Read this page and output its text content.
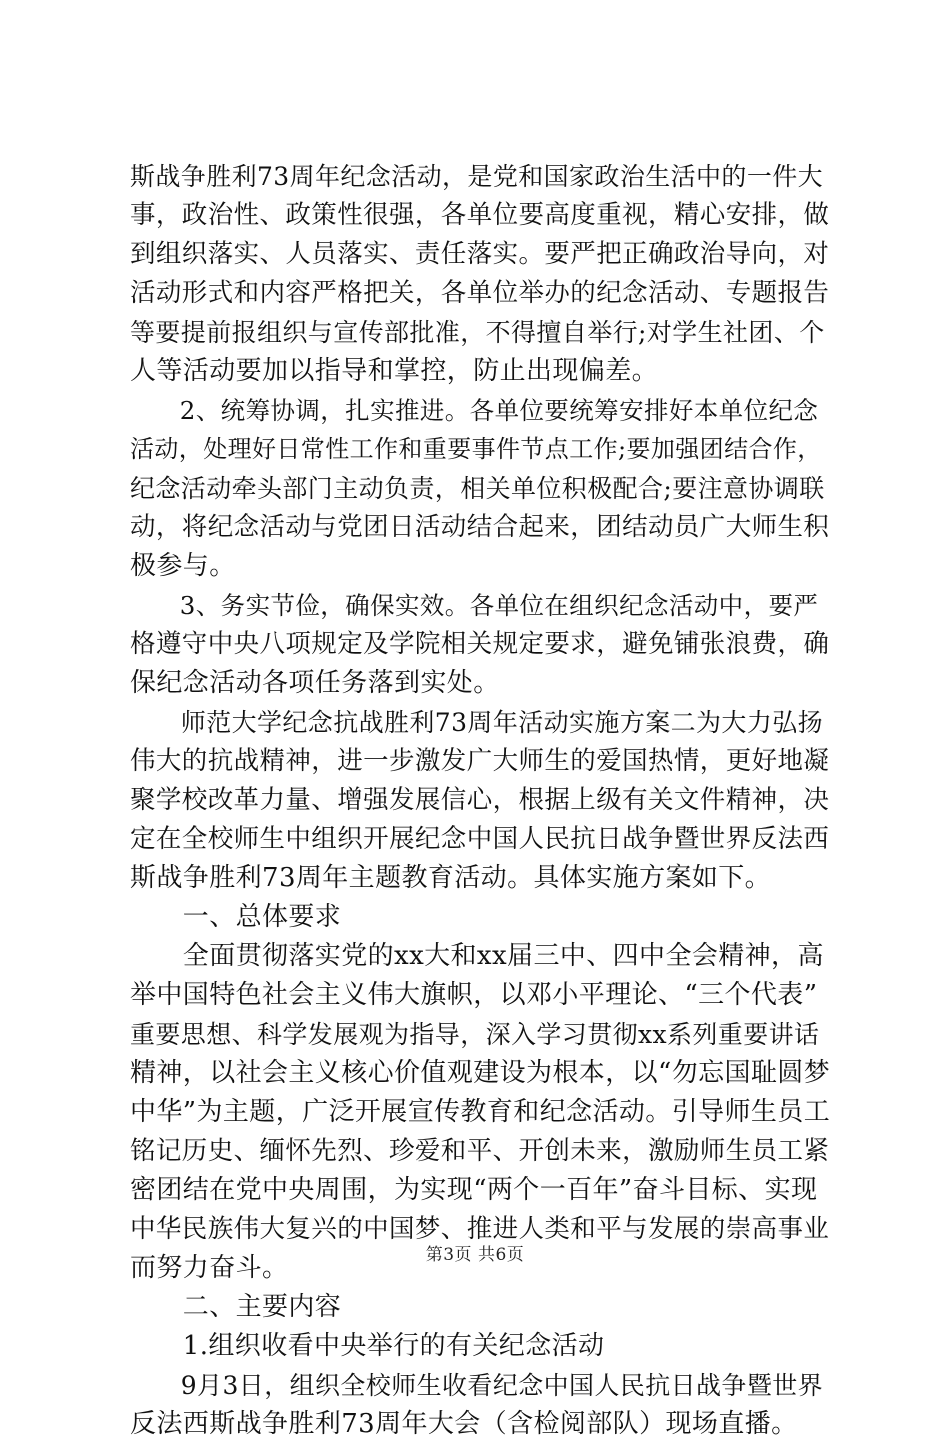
斯战争胜利73周年纪念活动，是党和国家政治生活中的一件大
事，政治性、政策性很强，各单位要高度重视，精心安排，做
到组织落实、人员落实、责任落实。要严把正确政治导向，对
活动形式和内容严格把关，各单位举办的纪念活动、专题报告
等要提前报组织与宣传部批准，不得擅自举行;对学生社团、个
人等活动要加以指导和掌控，防止出现偏差。
　　2、统筹协调，扎实推进。各单位要统筹安排好本单位纪念
活动，处理好日常性工作和重要事件节点工作;要加强团结合作，
纪念活动牵头部门主动负责，相关单位积极配合;要注意协调联
动，将纪念活动与党团日活动结合起来，团结动员广大师生积
极参与。
　　3、务实节俭，确保实效。各单位在组织纪念活动中，要严
格遵守中央八项规定及学院相关规定要求，避免铺张浪费，确
保纪念活动各项任务落到实处。
　　师范大学纪念抗战胜利73周年活动实施方案二为大力弘扬
伟大的抗战精神，进一步激发广大师生的爱国热情，更好地凝
聚学校改革力量、增强发展信心，根据上级有关文件精神，决
定在全校师生中组织开展纪念中国人民抗日战争暨世界反法西
斯战争胜利73周年主题教育活动。具体实施方案如下。
　　一、总体要求
　　全面贯彻落实党的xx大和xx届三中、四中全会精神，高
举中国特色社会主义伟大旗帜，以邓小平理论、“三个代表”
重要思想、科学发展观为指导，深入学习贯彻xx系列重要讲话
精神，以社会主义核心价值观建设为根本，以“勿忘国耻圆梦
中华”为主题，广泛开展宣传教育和纪念活动。引导师生员工
铭记历史、缅怀先烈、珍爱和平、开创未来，激励师生员工紧
密团结在党中央周围，为实现“两个一百年”奋斗目标、实现
中华民族伟大复兴的中国梦、推进人类和平与发展的崇高事业
而努力奋斗。
　　二、主要内容
　　1.组织收看中央举行的有关纪念活动
　　9月3日，组织全校师生收看纪念中国人民抗日战争暨世界
反法西斯战争胜利73周年大会（含检阅部队）现场直播。
第3页 共6页
